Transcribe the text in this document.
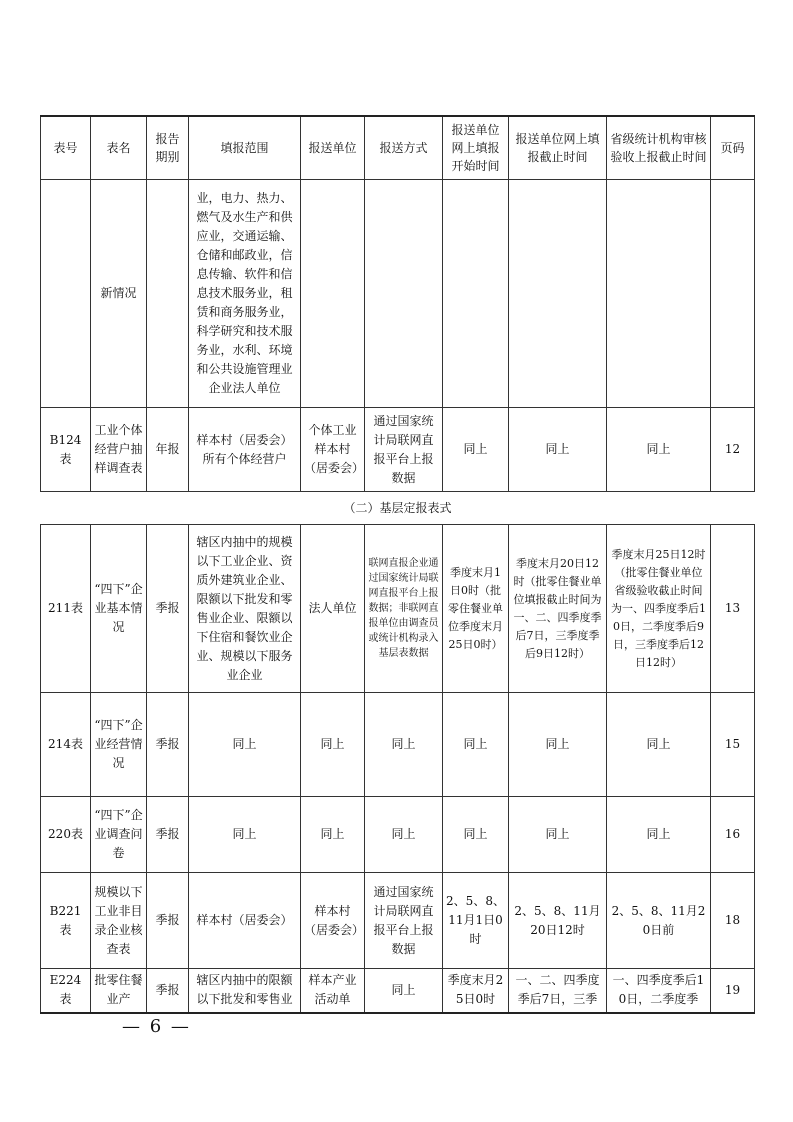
表号	表名	报告期别	填报范围	报送单位	报送方式	报送单位网上填报开始时间	报送单位网上填报截止时间	省级统计机构审核验收上报截止时间	页码
	新情况		业，电力、热力、燃气及水生产和供应业，交通运输、仓储和邮政业，信息传输、软件和信息技术服务业，租赁和商务服务业，科学研究和技术服务业，水利、环境和公共设施管理业企业法人单位						
B124表	工业个体经营户抽样调查表	年报	样本村（居委会）所有个体经营户	个体工业样本村（居委会）	通过国家统计局联网直报平台上报数据	同上	同上	同上	12
（二）基层定报表式									
211表	“四下”企业基本情况	季报	辖区内抽中的规模以下工业企业、资质外建筑业企业、限额以下批发和零售业企业、限额以下住宿和餐饮业企业、规模以下服务业企业	法人单位	联网直报企业通过国家统计局联网直报平台上报数据；非联网直报单位由调查员或统计机构录入基层表数据	季度末月1日0时（批零住餐业单位季度末月25日0时）	季度末月20日12时（批零住餐业单位填报截止时间为一、二、四季度季后7日，三季度季后9日12时）	季度末月25日12时（批零住餐业单位省级验收截止时间为一、四季度季后10日，二季度季后9日，三季度季后12日12时）	13
214表	“四下”企业经营情况	季报	同上	同上	同上	同上	同上	同上	15
220表	“四下”企业调查问卷	季报	同上	同上	同上	同上	同上	同上	16
B221表	规模以下工业非目录企业核查表	季报	样本村（居委会）	样本村（居委会）	通过国家统计局联网直报平台上报数据	2、5、8、11月1日0时	2、5、8、11月20日12时	2、5、8、11月20日前	18
E224表	批零住餐业产	季报	辖区内抽中的限额以下批发和零售业	样本产业活动单	同上	季度末月25日0时	一、二、四季度季后7日，三季	一、四季度季后10日，二季度季	19
— 6 —
